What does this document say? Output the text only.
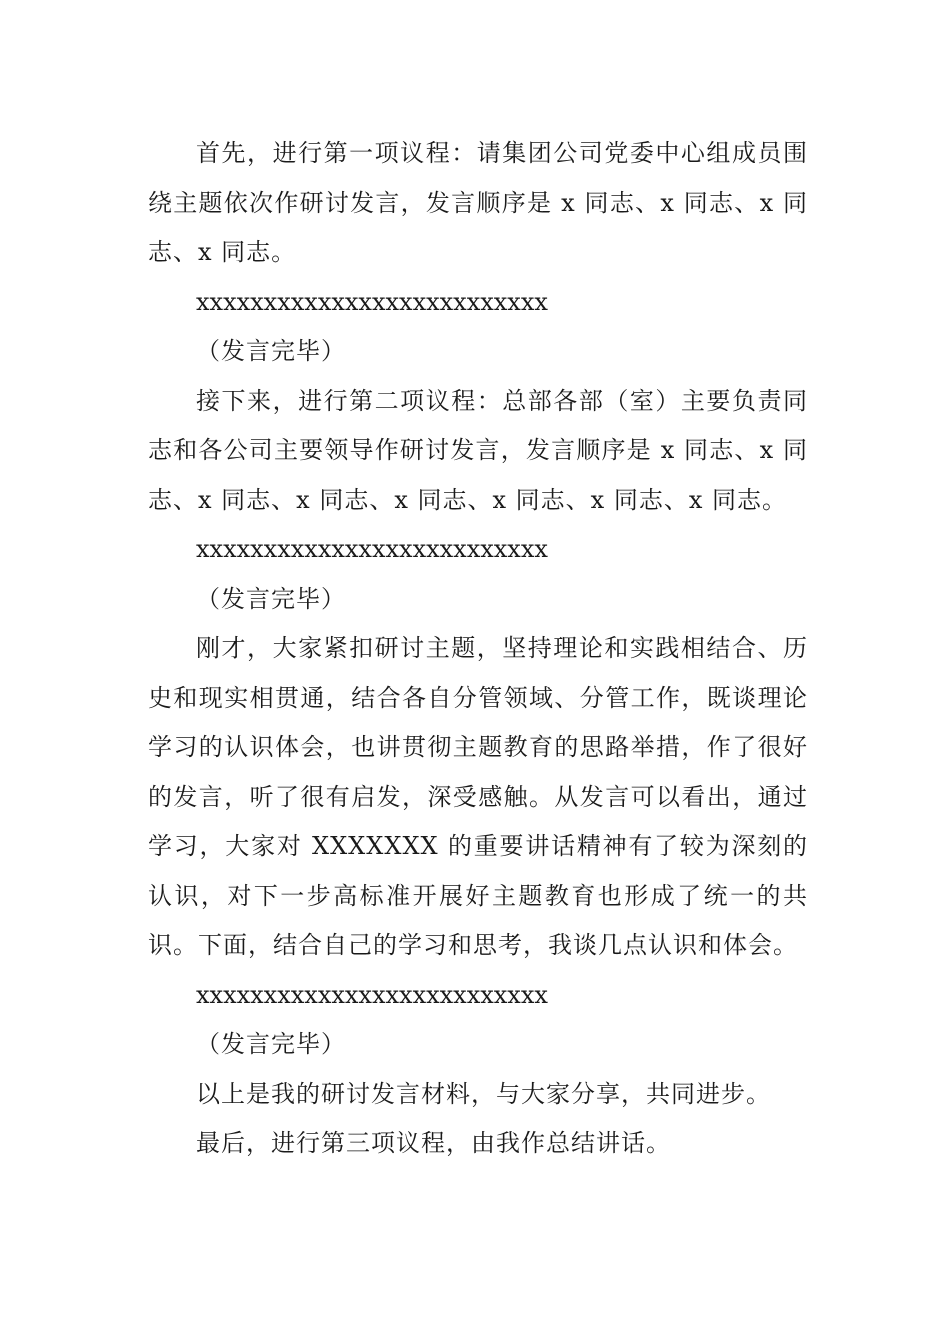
首先，进行第一项议程：请集团公司党委中心组成员围绕主题依次作研讨发言，发言顺序是 x 同志、x 同志、x 同志、x 同志。

xxxxxxxxxxxxxxxxxxxxxxxxxx

（发言完毕）

接下来，进行第二项议程：总部各部（室）主要负责同志和各公司主要领导作研讨发言，发言顺序是 x 同志、x 同志、x 同志、x 同志、x 同志、x 同志、x 同志、x 同志。

xxxxxxxxxxxxxxxxxxxxxxxxxx

（发言完毕）

刚才，大家紧扣研讨主题，坚持理论和实践相结合、历史和现实相贯通，结合各自分管领域、分管工作，既谈理论学习的认识体会，也讲贯彻主题教育的思路举措，作了很好的发言，听了很有启发，深受感触。从发言可以看出，通过学习，大家对 XXXXXXX 的重要讲话精神有了较为深刻的认识，对下一步高标准开展好主题教育也形成了统一的共识。下面，结合自己的学习和思考，我谈几点认识和体会。

xxxxxxxxxxxxxxxxxxxxxxxxxx

（发言完毕）

以上是我的研讨发言材料，与大家分享，共同进步。

最后，进行第三项议程，由我作总结讲话。
